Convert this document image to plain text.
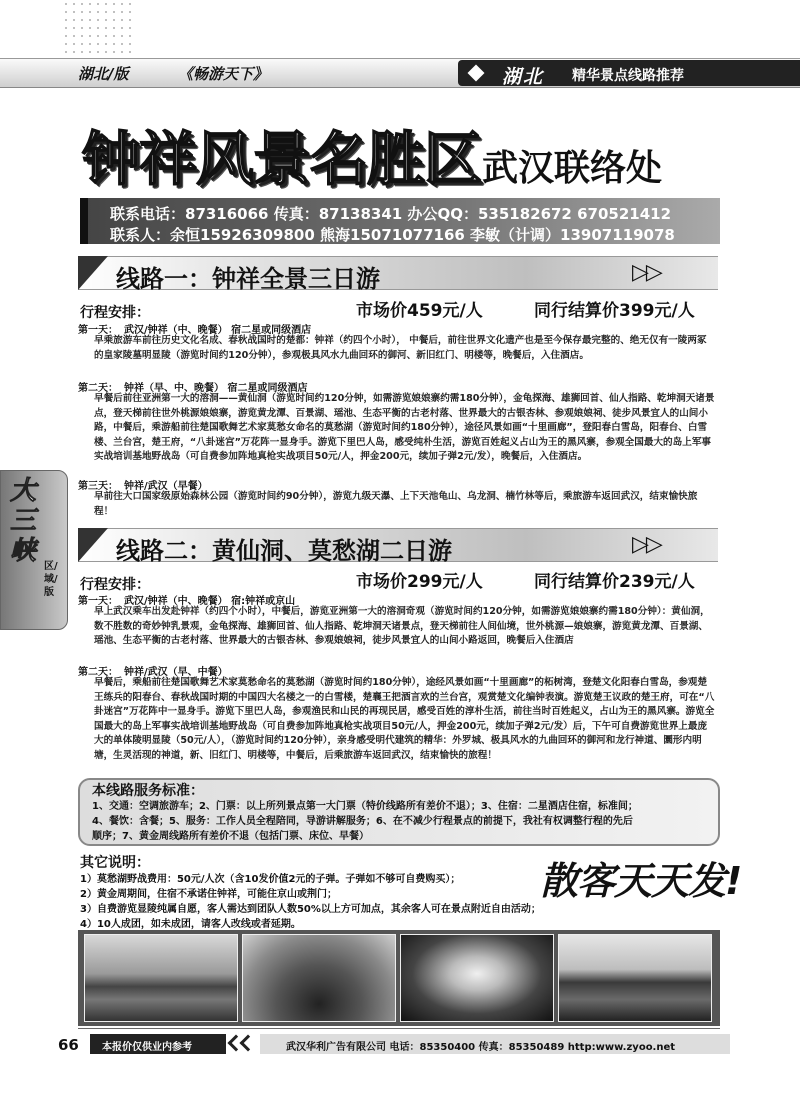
湖北/版	《畅游天下》	湖北 精华景点线路推荐
钟祥风景名胜区 武汉联络处
联系电话：87316066 传真：87138341 办公QQ：535182672 670521412
联系人：余恒15926309800 熊海15071077166 李敏（计调）13907119078
线路一：钟祥全景三日游	▷▷
行程安排：	市场价459元/人	同行结算价399元/人
第一天： 武汉/钟祥（中、晚餐） 宿二星或同级酒店
早乘旅游车前往历史文化名成、春秋战国时的楚都：钟祥（约四个小时）， 中餐后，前往世界文化遗产也是至今保存最完整的、绝无仅有一陵两冢的皇家陵墓明显陵（游览时间约120分钟），参观极具风水九曲回环的御河、新旧红门、明楼等，晚餐后，入住酒店。
第二天： 钟祥（早、中、晚餐） 宿二星或同级酒店
早餐后前往亚洲第一大的溶洞——黄仙洞（游览时间约120分钟，如需游览娘娘寨约需180分钟），金龟探海、雄狮回首、仙人指路、乾坤洞天诸景点，登天梯前往世外桃源娘娘寨，游览黄龙潭、百景湖、瑶池、生态平衡的古老村落、世界最大的古银杏林、参观娘娘祠、徒步风景宜人的山间小路，中餐后，乘游船前往楚国歌舞艺术家莫愁女命名的莫愁湖（游览时间约180分钟），途径风景如画“十里画廊”，登阳春白雪岛，阳春台、白雪楼、兰台宫，楚王府，“八卦迷宫”万花阵一显身手。游览下里巴人岛，感受纯朴生活，游览百姓起义占山为王的黑风寨，参观全国最大的岛上军事实战培训基地野战岛（可自费参加阵地真枪实战项目50元/人，押金200元，续加子弹2元/发），晚餐后，入住酒店。
第三天： 钟祥/武汉（早餐）
早前往大口国家级原始森林公园（游览时间约90分钟），游览九级天瀑、上下天池龟山、乌龙洞、楠竹林等后，乘旅游车返回武汉，结束愉快旅程！
大三峡
区/域/版
线路二：黄仙洞、莫愁湖二日游	▷▷
行程安排：	市场价299元/人	同行结算价239元/人
第一天： 武汉/钟祥（中、晚餐） 宿:钟祥或京山
早上武汉乘车出发赴钟祥（约四个小时），中餐后，游览亚洲第一大的溶洞奇观（游览时间约120分钟，如需游览娘娘寨约需180分钟）：黄仙洞，数不胜数的奇妙钟乳景观，金龟探海、雄狮回首、仙人指路、乾坤洞天诸景点，登天梯前往人间仙境，世外桃源—娘娘寨，游览黄龙潭、百景湖、瑶池、生态平衡的古老村落、世界最大的古银杏林、参观娘娘祠，徒步风景宜人的山间小路返回，晚餐后入住酒店
第二天： 钟祥/武汉（早、中餐）
早餐后，乘船前往楚国歌舞艺术家莫愁命名的莫愁湖（游览时间约180分钟），途经风景如画“十里画廊”的柘树湾，登楚文化阳春白雪岛，参观楚王练兵的阳春台、春秋战国时期的中国四大名楼之一的白雪楼，楚襄王把酒言欢的兰台宫，观赏楚文化编钟表演。游览楚王议政的楚王府，可在“八卦迷宫”万花阵中一显身手。游览下里巴人岛，参观渔民和山民的再现民居，感受百姓的淳朴生活，前往当时百姓起义，占山为王的黑风寨。游览全国最大的岛上军事实战培训基地野战岛（可自费参加阵地真枪实战项目50元/人，押金200元，续加子弹2元/发）后，下午可自费游览世界上最庞大的单体陵明显陵（50元/人），（游览时间约120分钟），亲身感受明代建筑的精华：外罗城、极具风水的九曲回环的御河和龙行神道、圜形内明塘，生灵活现的神道，新、旧红门、明楼等，中餐后，后乘旅游车返回武汉，结束愉快的旅程！
本线路服务标准：
1、交通：空调旅游车；2、门票：以上所列景点第一大门票（特价线路所有差价不退）；3、住宿：二星酒店住宿，标准间；
4、餐饮：含餐；5、服务：工作人员全程陪同，导游讲解服务；6、在不减少行程景点的前提下，我社有权调整行程的先后
顺序；7、黄金周线路所有差价不退（包括门票、床位、早餐）
其它说明：
1）莫愁湖野战费用：50元/人次（含10发价值2元的子弹。子弹如不够可自费购买）；
2）黄金周期间，住宿不承诺住钟祥，可能住京山或荆门；
3）自费游览显陵纯属自愿，客人需达到团队人数50%以上方可加点，其余客人可在景点附近自由活动；
4）10人成团，如未成团，请客人改线或者延期。
散客天天发!
66	本报价仅供业内参考	武汉华利广告有限公司 电话：85350400 传真：85350489 http:www.zyoo.net
